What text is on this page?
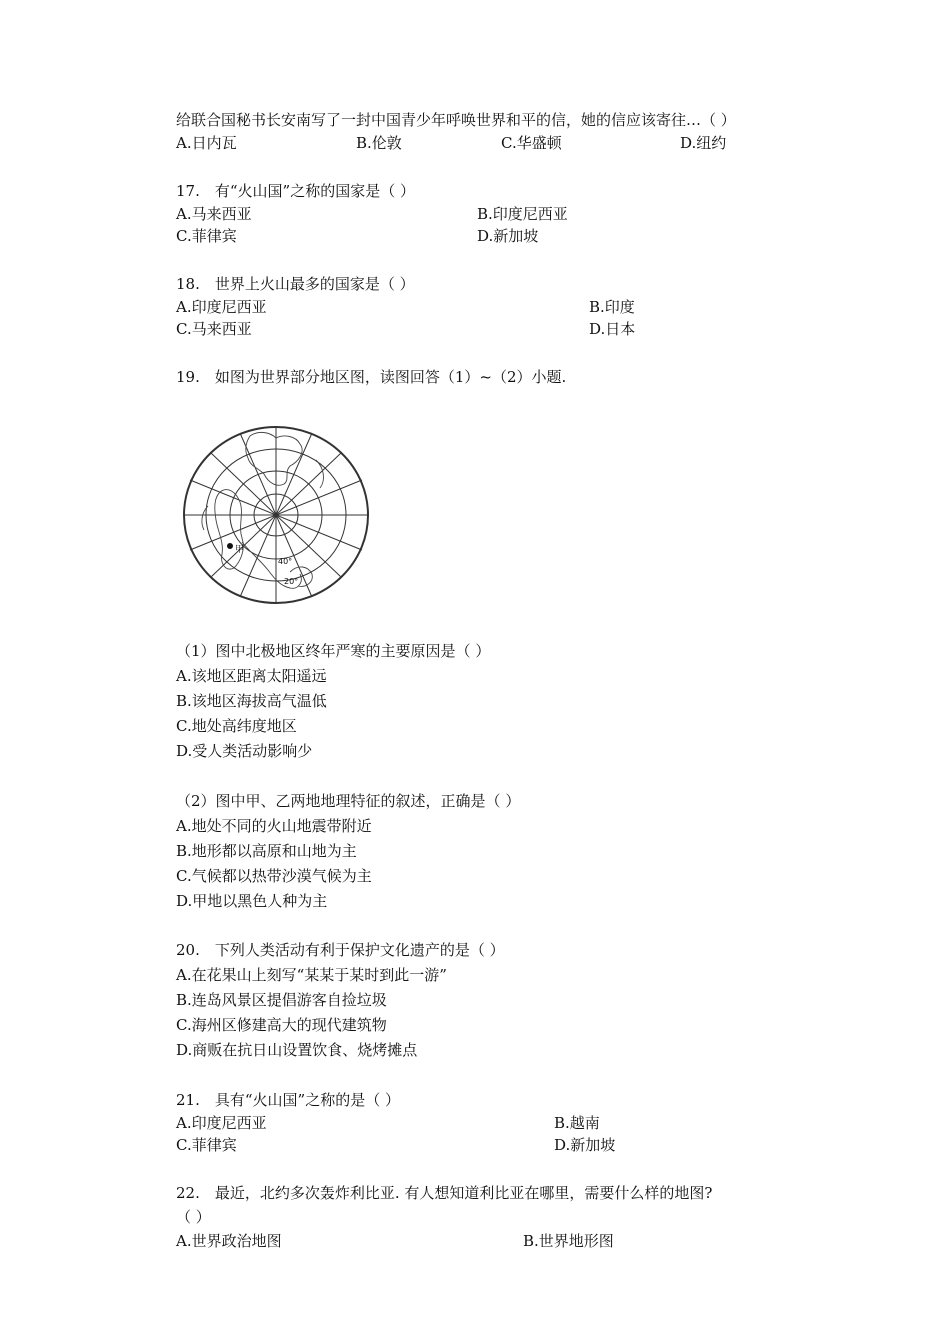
给联合国秘书长安南写了一封中国青少年呼唤世界和平的信，她的信应该寄往…（ ）
A.日内瓦	B.伦敦	C.华盛顿	D.纽约
17.　有“火山国”之称的国家是（ ）
A.马来西亚	B.印度尼西亚
C.菲律宾	D.新加坡
18.　世界上火山最多的国家是（ ）
A.印度尼西亚	B.印度
C.马来西亚	D.日本
19.　如图为世界部分地区图，读图回答（1）~（2）小题.
甲
40°
20°
（1）图中北极地区终年严寒的主要原因是（ ）
A.该地区距离太阳遥远
B.该地区海拔高气温低
C.地处高纬度地区
D.受人类活动影响少
（2）图中甲、乙两地地理特征的叙述，正确是（ ）
A.地处不同的火山地震带附近
B.地形都以高原和山地为主
C.气候都以热带沙漠气候为主
D.甲地以黑色人种为主
20.　下列人类活动有利于保护文化遗产的是（ ）
A.在花果山上刻写“某某于某时到此一游”
B.连岛风景区提倡游客自捡垃圾
C.海州区修建高大的现代建筑物
D.商贩在抗日山设置饮食、烧烤摊点
21.　具有“火山国”之称的是（ ）
A.印度尼西亚	B.越南
C.菲律宾	D.新加坡
22.　最近，北约多次轰炸利比亚. 有人想知道利比亚在哪里，需要什么样的地图?
（ ）
A.世界政治地图	B.世界地形图
